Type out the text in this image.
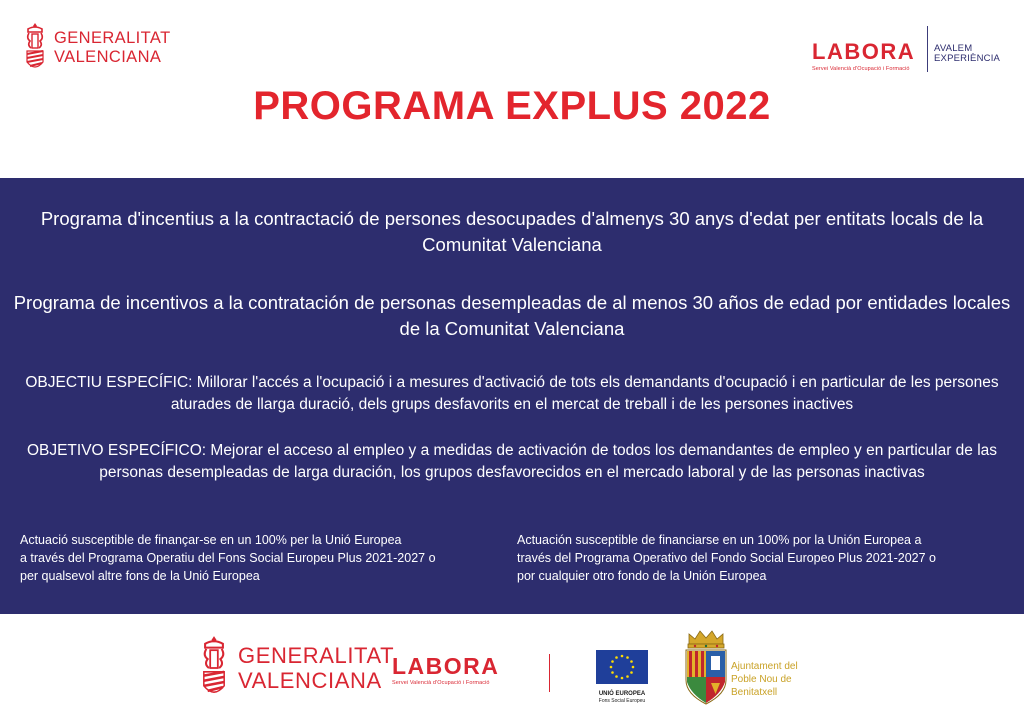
GENERALITAT
VALENCIANA	LABORA
Servei Valencià d'Ocupació i Formació
AVALEM
EXPERIÈNCIA
PROGRAMA EXPLUS 2022

Programa d'incentius a la contractació de persones desocupades d'almenys 30 anys d'edat per entitats locals de la Comunitat Valenciana

Programa de incentivos a la contratación de personas desempleadas de al menos 30 años de edad por entidades locales de la Comunitat Valenciana

OBJECTIU ESPECÍFIC: Millorar l'accés a l'ocupació i a mesures d'activació de tots els demandants d'ocupació i en particular de les persones aturades de llarga duració, dels grups desfavorits en el mercat de treball i de les persones inactives

OBJETIVO ESPECÍFICO: Mejorar el acceso al empleo y a medidas de activación de todos los demandantes de empleo y en particular de las personas desempleadas de larga duración, los grupos desfavorecidos en el mercado laboral y de las personas inactivas

Actuació susceptible de finançar-se en un 100% per la Unió Europea
a través del Programa Operatiu del Fons Social Europeu Plus 2021-2027 o
per qualsevol altre fons de la Unió Europea
Actuación susceptible de financiarse en un 100% por la Unión Europea a
través del Programa Operativo del Fondo Social Europeo Plus 2021-2027 o
por cualquier otro fondo de la Unión Europea
GENERALITAT
VALENCIANA
LABORA
Servei Valencià d'Ocupació i Formació
UNIÓ EUROPEA
Fons Social Europeu
Ajuntament del
Poble Nou de
Benitatxell
